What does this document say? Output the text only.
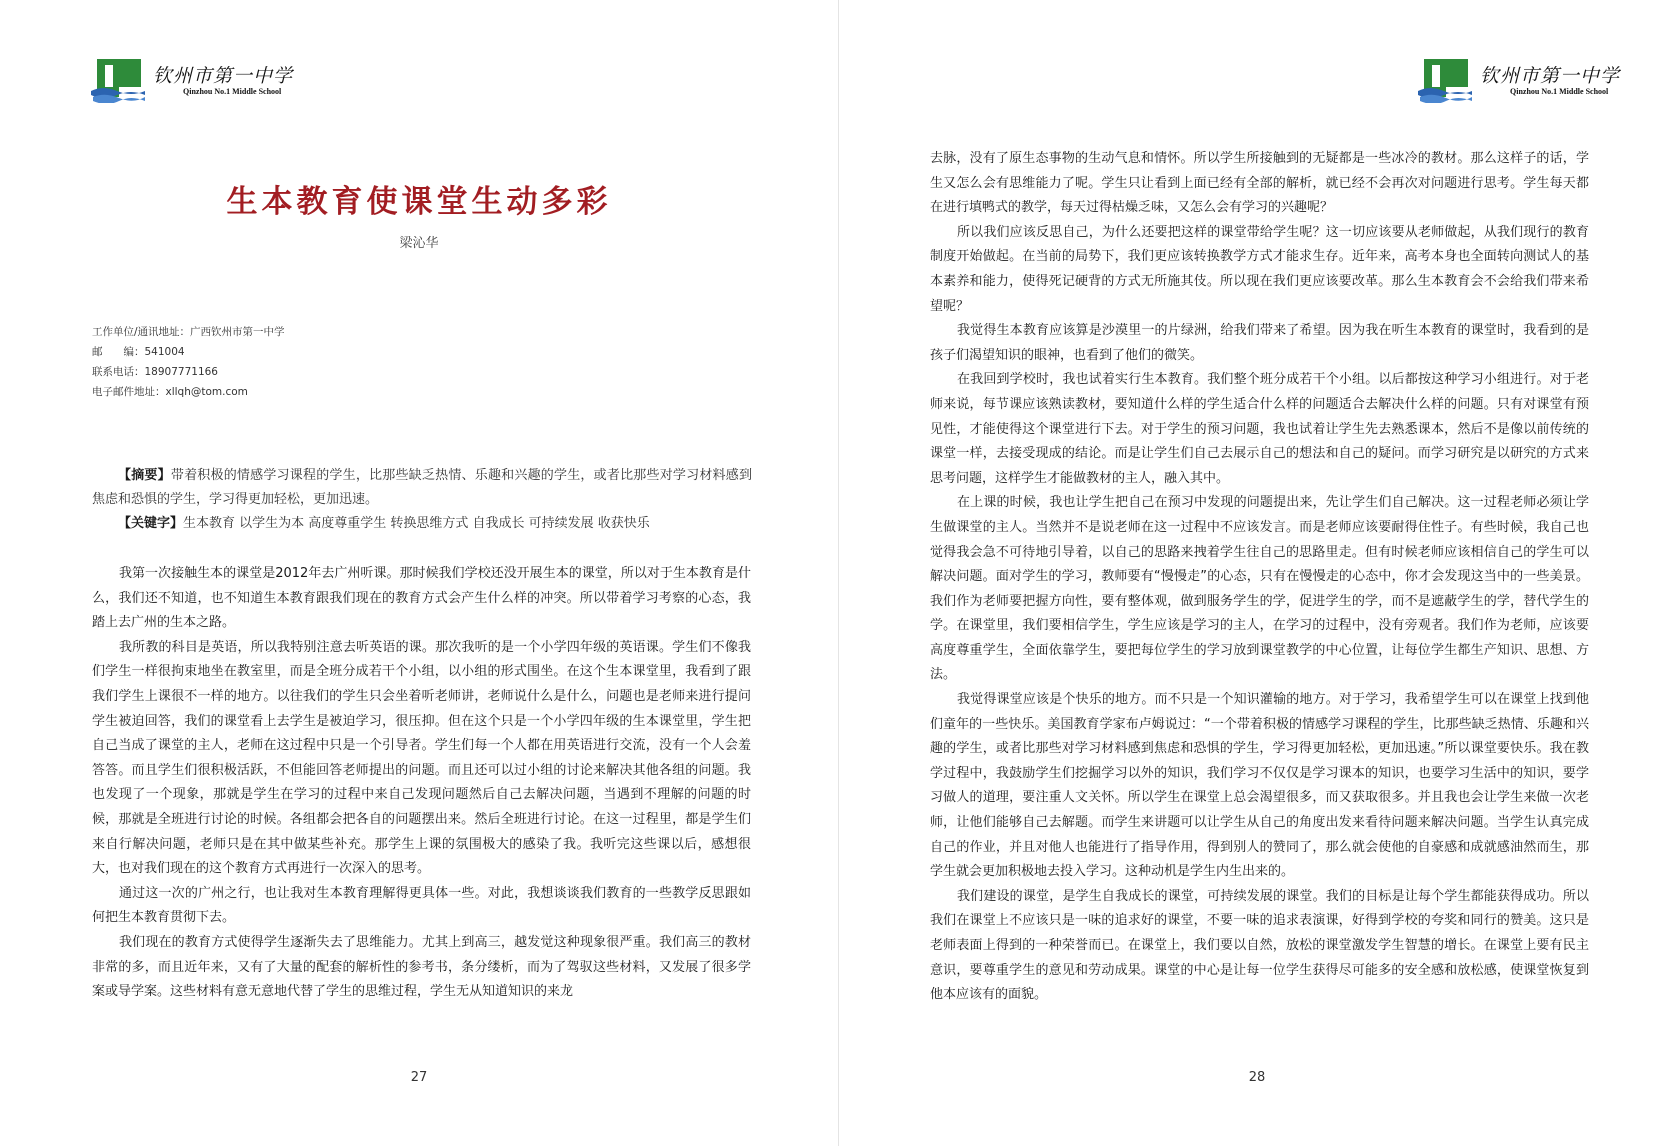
钦州市第一中学
Qinzhou No.1 Middle School
生本教育使课堂生动多彩
梁沁华
工作单位/通讯地址：广西钦州市第一中学
邮　　编：541004
联系电话：18907771166
电子邮件地址：xllqh@tom.com

【摘要】带着积极的情感学习课程的学生，比那些缺乏热情、乐趣和兴趣的学生，或者比那些对学习材料感到焦虑和恐惧的学生，学习得更加轻松，更加迅速。

【关键字】生本教育 以学生为本 高度尊重学生 转换思维方式 自我成长 可持续发展 收获快乐

我第一次接触生本的课堂是2012年去广州听课。那时候我们学校还没开展生本的课堂，所以对于生本教育是什么，我们还不知道，也不知道生本教育跟我们现在的教育方式会产生什么样的冲突。所以带着学习考察的心态，我踏上去广州的生本之路。

我所教的科目是英语，所以我特别注意去听英语的课。那次我听的是一个小学四年级的英语课。学生们不像我们学生一样很拘束地坐在教室里，而是全班分成若干个小组，以小组的形式围坐。在这个生本课堂里，我看到了跟我们学生上课很不一样的地方。以往我们的学生只会坐着听老师讲，老师说什么是什么，问题也是老师来进行提问学生被迫回答，我们的课堂看上去学生是被迫学习，很压抑。但在这个只是一个小学四年级的生本课堂里，学生把自己当成了课堂的主人，老师在这过程中只是一个引导者。学生们每一个人都在用英语进行交流，没有一个人会羞答答。而且学生们很积极活跃，不但能回答老师提出的问题。而且还可以过小组的讨论来解决其他各组的问题。我也发现了一个现象，那就是学生在学习的过程中来自己发现问题然后自己去解决问题，当遇到不理解的问题的时候，那就是全班进行讨论的时候。各组都会把各自的问题摆出来。然后全班进行讨论。在这一过程里，都是学生们来自行解决问题，老师只是在其中做某些补充。那学生上课的氛围极大的感染了我。我听完这些课以后，感想很大，也对我们现在的这个教育方式再进行一次深入的思考。

通过这一次的广州之行，也让我对生本教育理解得更具体一些。对此，我想谈谈我们教育的一些教学反思跟如何把生本教育贯彻下去。

我们现在的教育方式使得学生逐渐失去了思维能力。尤其上到高三，越发觉这种现象很严重。我们高三的教材非常的多，而且近年来，又有了大量的配套的解析性的参考书，条分缕析，而为了驾驭这些材料，又发展了很多学案或导学案。这些材料有意无意地代替了学生的思维过程，学生无从知道知识的来龙

27
钦州市第一中学
Qinzhou No.1 Middle School

去脉，没有了原生态事物的生动气息和情怀。所以学生所接触到的无疑都是一些冰冷的教材。那么这样子的话，学生又怎么会有思维能力了呢。学生只让看到上面已经有全部的解析，就已经不会再次对问题进行思考。学生每天都在进行填鸭式的教学，每天过得枯燥乏味，又怎么会有学习的兴趣呢？

所以我们应该反思自己，为什么还要把这样的课堂带给学生呢？这一切应该要从老师做起，从我们现行的教育制度开始做起。在当前的局势下，我们更应该转换教学方式才能求生存。近年来，高考本身也全面转向测试人的基本素养和能力，使得死记硬背的方式无所施其伎。所以现在我们更应该要改革。那么生本教育会不会给我们带来希望呢？

我觉得生本教育应该算是沙漠里一的片绿洲，给我们带来了希望。因为我在听生本教育的课堂时，我看到的是孩子们渴望知识的眼神，也看到了他们的微笑。

在我回到学校时，我也试着实行生本教育。我们整个班分成若干个小组。以后都按这种学习小组进行。对于老师来说，每节课应该熟读教材，要知道什么样的学生适合什么样的问题适合去解决什么样的问题。只有对课堂有预见性，才能使得这个课堂进行下去。对于学生的预习问题，我也试着让学生先去熟悉课本，然后不是像以前传统的课堂一样，去接受现成的结论。而是让学生们自己去展示自己的想法和自己的疑问。而学习研究是以研究的方式来思考问题，这样学生才能做教材的主人，融入其中。

在上课的时候，我也让学生把自己在预习中发现的问题提出来，先让学生们自己解决。这一过程老师必须让学生做课堂的主人。当然并不是说老师在这一过程中不应该发言。而是老师应该要耐得住性子。有些时候，我自己也觉得我会急不可待地引导着，以自己的思路来拽着学生往自己的思路里走。但有时候老师应该相信自己的学生可以解决问题。面对学生的学习，教师要有“慢慢走”的心态，只有在慢慢走的心态中，你才会发现这当中的一些美景。我们作为老师要把握方向性，要有整体观，做到服务学生的学，促进学生的学，而不是遮蔽学生的学，替代学生的学。在课堂里，我们要相信学生，学生应该是学习的主人，在学习的过程中，没有旁观者。我们作为老师，应该要高度尊重学生，全面依靠学生，要把每位学生的学习放到课堂教学的中心位置，让每位学生都生产知识、思想、方法。

我觉得课堂应该是个快乐的地方。而不只是一个知识灌输的地方。对于学习，我希望学生可以在课堂上找到他们童年的一些快乐。美国教育学家布卢姆说过：“一个带着积极的情感学习课程的学生，比那些缺乏热情、乐趣和兴趣的学生，或者比那些对学习材料感到焦虑和恐惧的学生，学习得更加轻松，更加迅速。”所以课堂要快乐。我在教学过程中，我鼓励学生们挖掘学习以外的知识，我们学习不仅仅是学习课本的知识，也要学习生活中的知识，要学习做人的道理，要注重人文关怀。所以学生在课堂上总会渴望很多，而又获取很多。并且我也会让学生来做一次老师，让他们能够自己去解题。而学生来讲题可以让学生从自己的角度出发来看待问题来解决问题。当学生认真完成自己的作业，并且对他人也能进行了指导作用，得到别人的赞同了，那么就会使他的自豪感和成就感油然而生，那学生就会更加积极地去投入学习。这种动机是学生内生出来的。

我们建设的课堂，是学生自我成长的课堂，可持续发展的课堂。我们的目标是让每个学生都能获得成功。所以我们在课堂上不应该只是一味的追求好的课堂，不要一味的追求表演课，好得到学校的夸奖和同行的赞美。这只是老师表面上得到的一种荣誉而已。在课堂上，我们要以自然，放松的课堂激发学生智慧的增长。在课堂上要有民主意识，要尊重学生的意见和劳动成果。课堂的中心是让每一位学生获得尽可能多的安全感和放松感，使课堂恢复到他本应该有的面貌。

28
